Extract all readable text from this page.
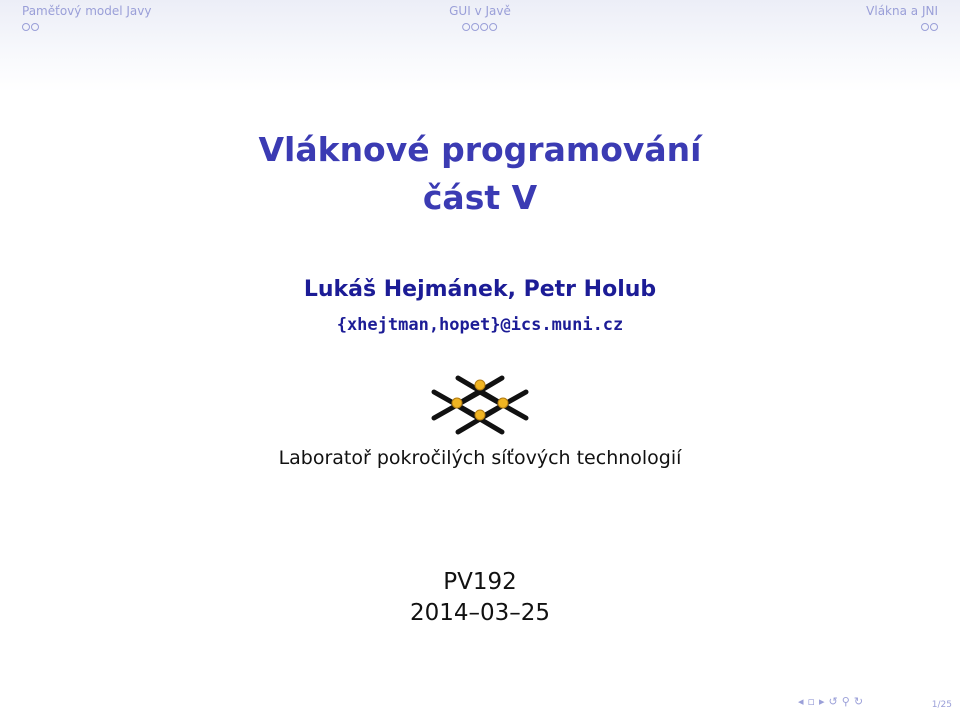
Paměťový model Javy	GUI v Javě	Vlákna a JNI
Vláknové programování
část V
Lukáš Hejmánek, Petr Holub
{xhejtman,hopet}@ics.muni.cz
Laboratoř pokročilých síťových technologií
PV192
2014–03–25
◂ ▫ ▸ ↺ ⚲ ↻	1/25
